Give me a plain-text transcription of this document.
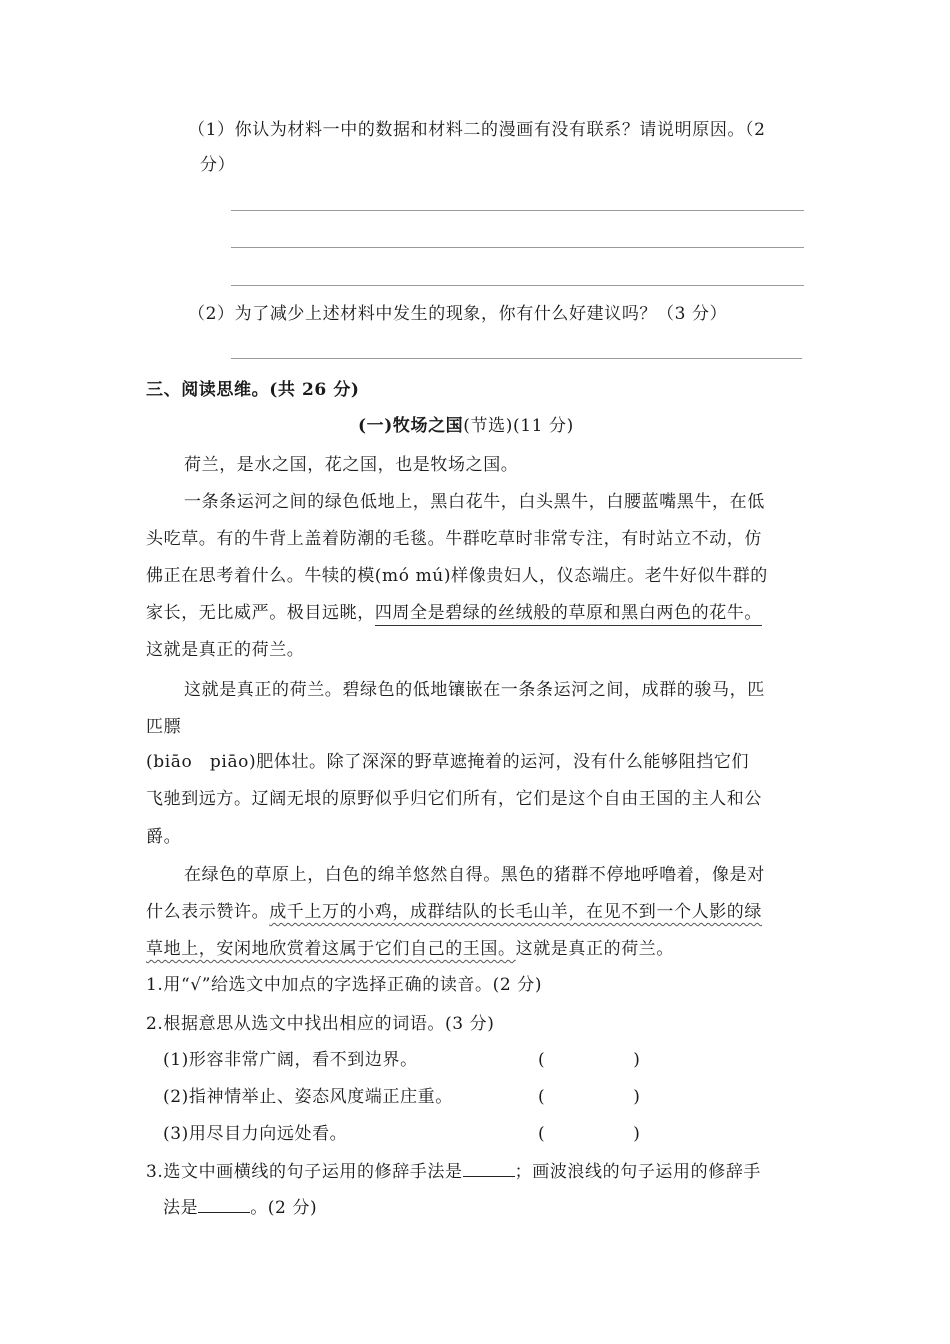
（1）你认为材料一中的数据和材料二的漫画有没有联系？请说明原因。（2
分）
（2）为了减少上述材料中发生的现象，你有什么好建议吗？（3 分）
三、阅读思维。(共 26 分)
(一)牧场之国(节选)(11 分)
荷兰，是水之国，花之国，也是牧场之国。
一条条运河之间的绿色低地上，黑白花牛，白头黑牛，白腰蓝嘴黑牛，在低
头吃草。有的牛背上盖着防潮的毛毯。牛群吃草时非常专注，有时站立不动，仿
佛正在思考着什么。牛犊的模(mó mú)样像贵妇人，仪态端庄。老牛好似牛群的
家长，无比威严。极目远眺，四周全是碧绿的丝绒般的草原和黑白两色的花牛。
这就是真正的荷兰。
这就是真正的荷兰。碧绿色的低地镶嵌在一条条运河之间，成群的骏马，匹
匹膘
(biāo　piāo)肥体壮。除了深深的野草遮掩着的运河，没有什么能够阻挡它们
飞驰到远方。辽阔无垠的原野似乎归它们所有，它们是这个自由王国的主人和公
爵。
在绿色的草原上，白色的绵羊悠然自得。黑色的猪群不停地呼噜着，像是对
什么表示赞许。成千上万的小鸡，成群结队的长毛山羊，在见不到一个人影的绿
草地上，安闲地欣赏着这属于它们自己的王国。这就是真正的荷兰。
1.用“√”给选文中加点的字选择正确的读音。(2 分)
2.根据意思从选文中找出相应的词语。(3 分)
(1)形容非常广阔，看不到边界。	(　　　　　)
(2)指神情举止、姿态风度端正庄重。	(　　　　　)
(3)用尽目力向远处看。	(　　　　　)
3.选文中画横线的句子运用的修辞手法是	；画波浪线的句子运用的修辞手
法是	。(2 分)
